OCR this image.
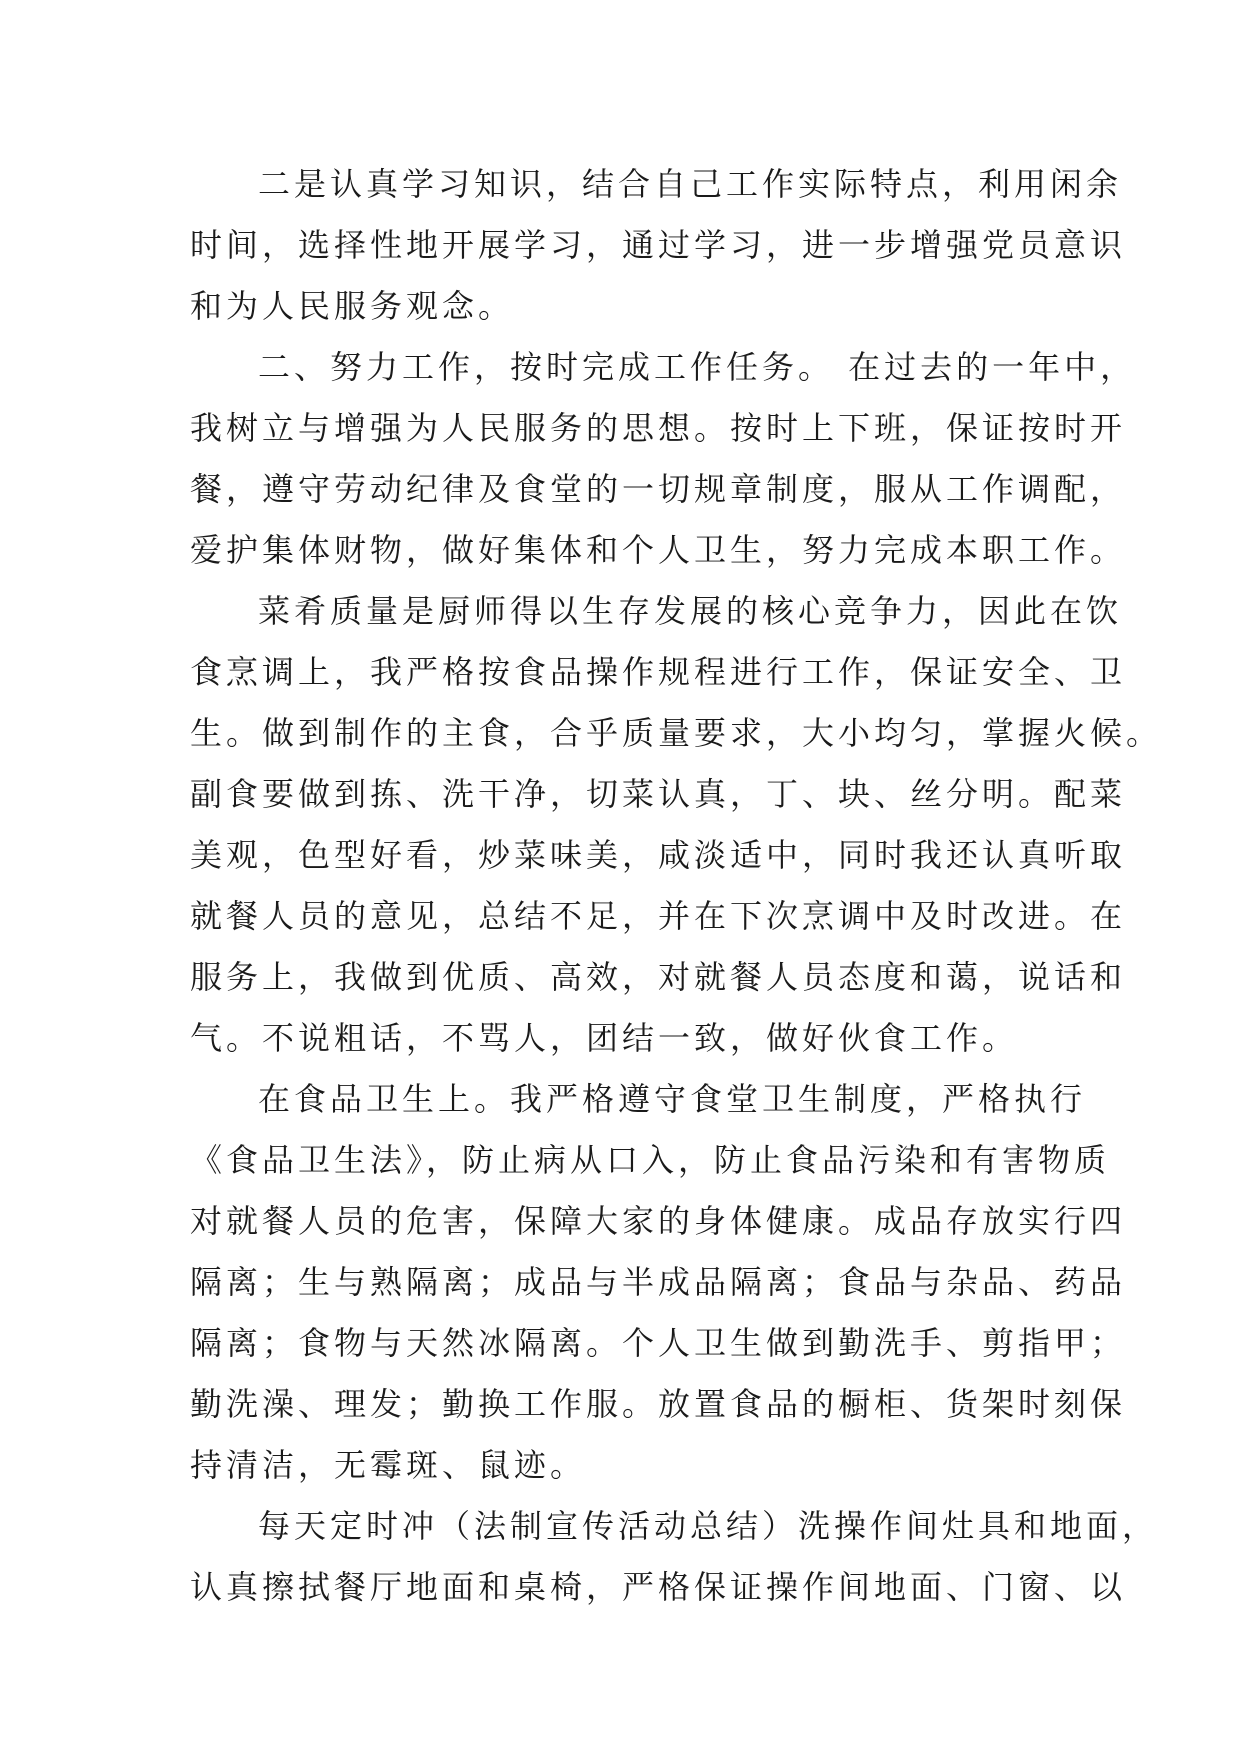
二是认真学习知识，结合自己工作实际特点，利用闲余
时间，选择性地开展学习，通过学习，进一步增强党员意识
和为人民服务观念。
二、努力工作，按时完成工作任务。 在过去的一年中，
我树立与增强为人民服务的思想。按时上下班，保证按时开
餐，遵守劳动纪律及食堂的一切规章制度，服从工作调配，
爱护集体财物，做好集体和个人卫生，努力完成本职工作。
菜肴质量是厨师得以生存发展的核心竞争力，因此在饮
食烹调上，我严格按食品操作规程进行工作，保证安全、卫
生。做到制作的主食，合乎质量要求，大小均匀，掌握火候。
副食要做到拣、洗干净，切菜认真，丁、块、丝分明。配菜
美观，色型好看，炒菜味美，咸淡适中，同时我还认真听取
就餐人员的意见，总结不足，并在下次烹调中及时改进。在
服务上，我做到优质、高效，对就餐人员态度和蔼，说话和
气。不说粗话，不骂人，团结一致，做好伙食工作。
在食品卫生上。我严格遵守食堂卫生制度，严格执行
《食品卫生法》，防止病从口入，防止食品污染和有害物质
对就餐人员的危害，保障大家的身体健康。成品存放实行四
隔离；生与熟隔离；成品与半成品隔离；食品与杂品、药品
隔离；食物与天然冰隔离。个人卫生做到勤洗手、剪指甲；
勤洗澡、理发；勤换工作服。放置食品的橱柜、货架时刻保
持清洁，无霉斑、鼠迹。
每天定时冲（法制宣传活动总结）洗操作间灶具和地面，
认真擦拭餐厅地面和桌椅，严格保证操作间地面、门窗、以
